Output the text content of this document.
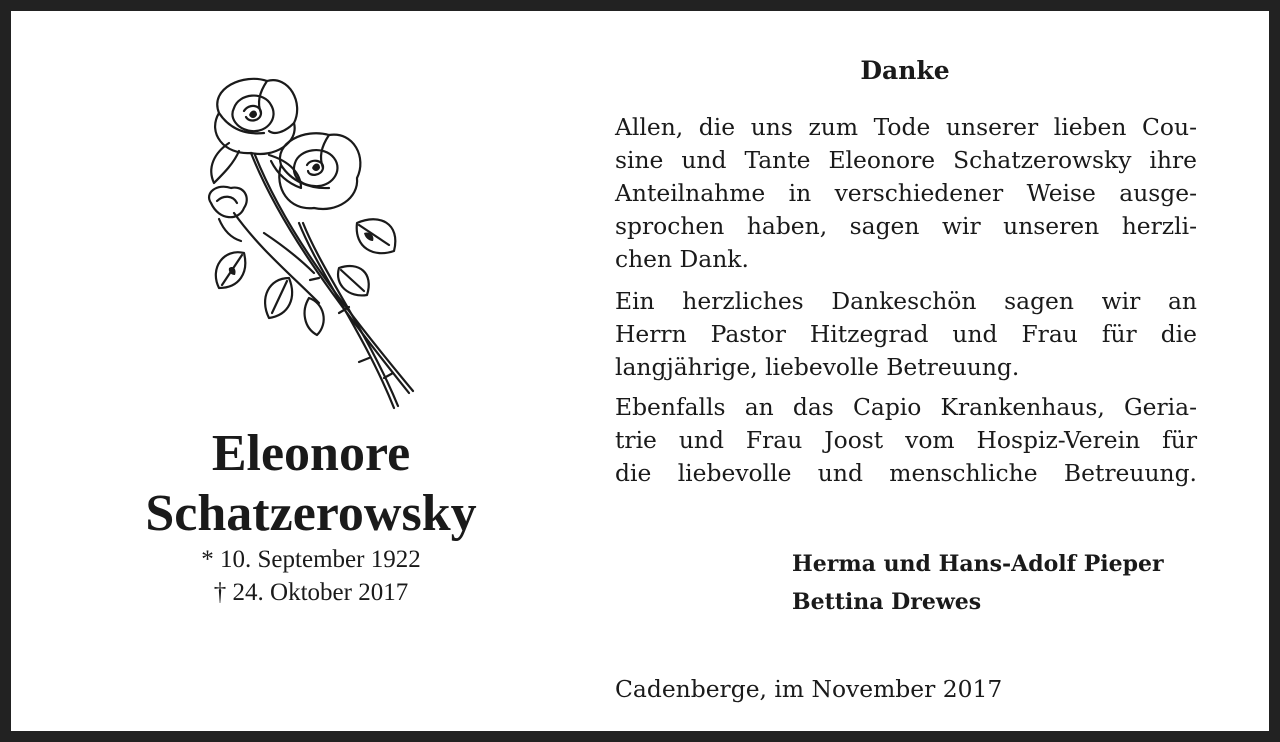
Eleonore
Schatzerowsky
* 10. September 1922
† 24. Oktober 2017
Danke
Allen, die uns zum Tode unserer lieben Cou-
sine und Tante Eleonore Schatzerowsky ihre
Anteilnahme in verschiedener Weise ausge-
sprochen haben, sagen wir unseren herzli-
chen Dank.
Ein herzliches Dankeschön sagen wir an
Herrn Pastor Hitzegrad und Frau für die
langjährige, liebevolle Betreuung.
Ebenfalls an das Capio Krankenhaus, Geria-
trie und Frau Joost vom Hospiz-Verein für
die liebevolle und menschliche Betreuung.
Herma und Hans-Adolf Pieper
Bettina Drewes
Cadenberge, im November 2017
